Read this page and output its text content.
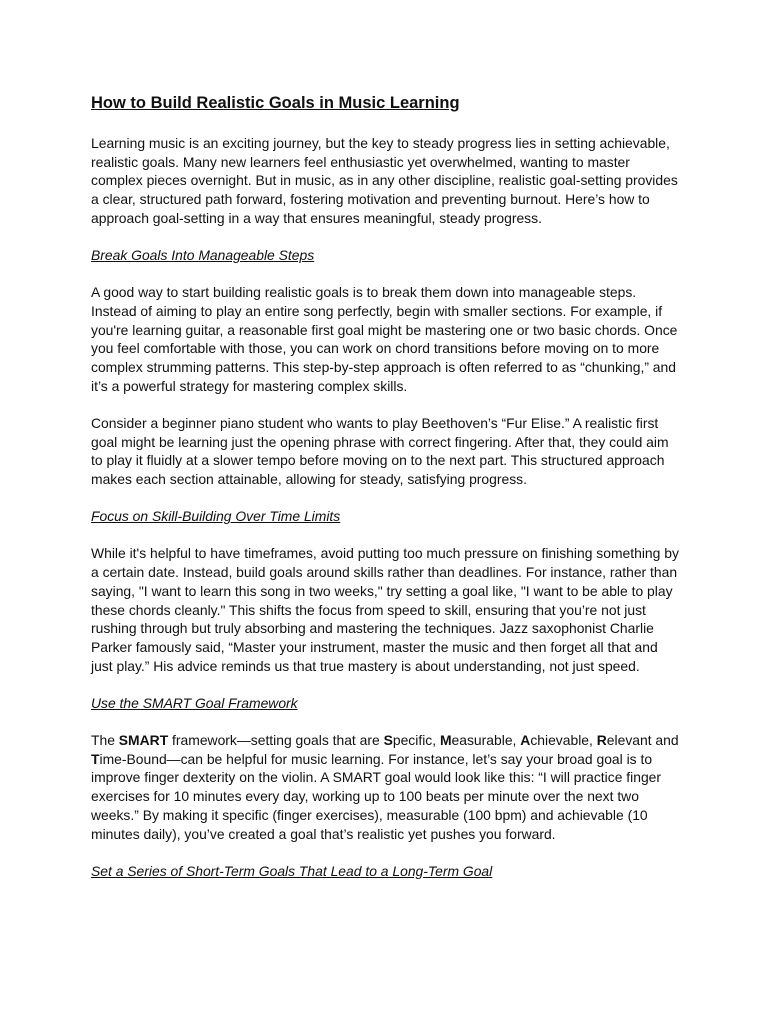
How to Build Realistic Goals in Music Learning

Learning music is an exciting journey, but the key to steady progress lies in setting achievable, realistic goals. Many new learners feel enthusiastic yet overwhelmed, wanting to master complex pieces overnight. But in music, as in any other discipline, realistic goal-setting provides a clear, structured path forward, fostering motivation and preventing burnout. Here’s how to approach goal-setting in a way that ensures meaningful, steady progress.

Break Goals Into Manageable Steps

A good way to start building realistic goals is to break them down into manageable steps. Instead of aiming to play an entire song perfectly, begin with smaller sections. For example, if you're learning guitar, a reasonable first goal might be mastering one or two basic chords. Once you feel comfortable with those, you can work on chord transitions before moving on to more complex strumming patterns. This step-by-step approach is often referred to as “chunking,” and it’s a powerful strategy for mastering complex skills.

Consider a beginner piano student who wants to play Beethoven’s “Fur Elise.” A realistic first goal might be learning just the opening phrase with correct fingering. After that, they could aim to play it fluidly at a slower tempo before moving on to the next part. This structured approach makes each section attainable, allowing for steady, satisfying progress.

Focus on Skill-Building Over Time Limits

While it's helpful to have timeframes, avoid putting too much pressure on finishing something by a certain date. Instead, build goals around skills rather than deadlines. For instance, rather than saying, "I want to learn this song in two weeks," try setting a goal like, "I want to be able to play these chords cleanly." This shifts the focus from speed to skill, ensuring that you’re not just rushing through but truly absorbing and mastering the techniques. Jazz saxophonist Charlie Parker famously said, “Master your instrument, master the music and then forget all that and just play.” His advice reminds us that true mastery is about understanding, not just speed.

Use the SMART Goal Framework

The SMART framework—setting goals that are Specific, Measurable, Achievable, Relevant and Time-Bound—can be helpful for music learning. For instance, let’s say your broad goal is to improve finger dexterity on the violin. A SMART goal would look like this: “I will practice finger exercises for 10 minutes every day, working up to 100 beats per minute over the next two weeks.” By making it specific (finger exercises), measurable (100 bpm) and achievable (10 minutes daily), you’ve created a goal that’s realistic yet pushes you forward.

Set a Series of Short-Term Goals That Lead to a Long-Term Goal
